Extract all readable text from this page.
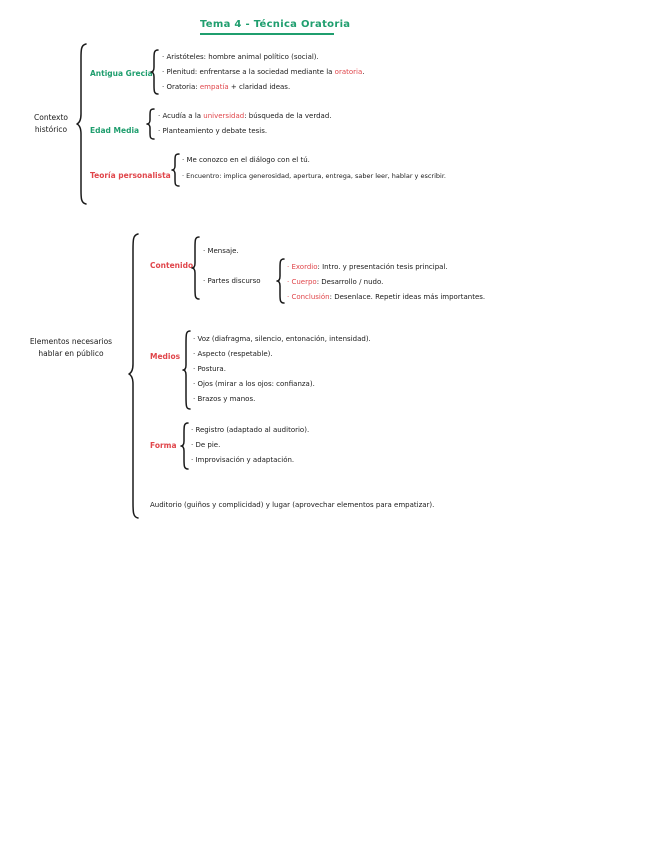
Tema 4 - Técnica Oratoria
Contexto
histórico
Antigua Grecia
· Aristóteles: hombre animal político (social).
· Plenitud: enfrentarse a la sociedad mediante la oratoria.
· Oratoria: empatía + claridad ideas.
Edad Media
· Acudía a la universidad: búsqueda de la verdad.
· Planteamiento y debate tesis.
Teoría personalista
· Me conozco en el diálogo con el tú.
· Encuentro: implica generosidad, apertura, entrega, saber leer, hablar y escribir.
Elementos necesarios
hablar en público
Contenido
· Mensaje.
· Partes discurso
· Exordio: Intro. y presentación tesis principal.
· Cuerpo: Desarrollo / nudo.
· Conclusión: Desenlace. Repetir ideas más importantes.
Medios
· Voz (diafragma, silencio, entonación, intensidad).
· Aspecto (respetable).
· Postura.
· Ojos (mirar a los ojos: confianza).
· Brazos y manos.
Forma
· Registro (adaptado al auditorio).
· De pie.
· Improvisación y adaptación.
Auditorio (guiños y complicidad) y lugar (aprovechar elementos para empatizar).
